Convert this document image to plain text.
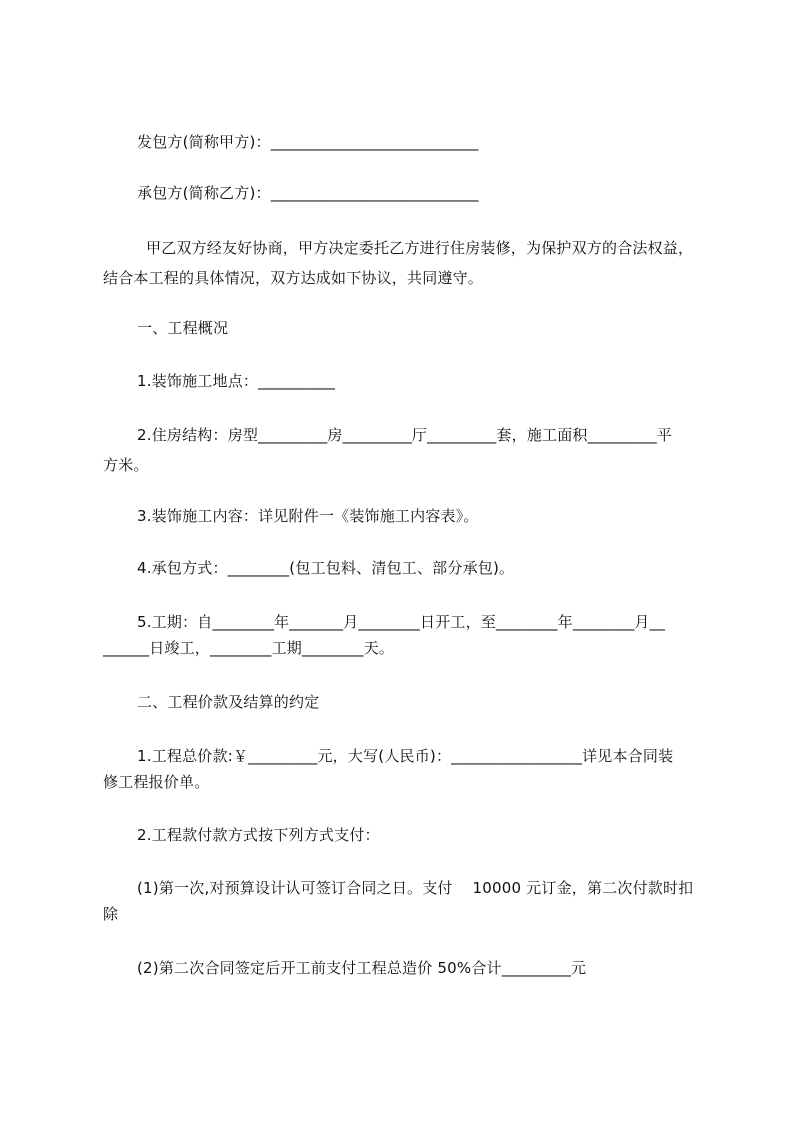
发包方(简称甲方)：___________________________
承包方(简称乙方)：___________________________
甲乙双方经友好协商，甲方决定委托乙方进行住房装修，为保护双方的合法权益，
结合本工程的具体情况，双方达成如下协议，共同遵守。
一、工程概况
1.装饰施工地点：__________
2.住房结构：房型_________房_________厅_________套，施工面积_________平
方米。
3.装饰施工内容：详见附件一《装饰施工内容表》。
4.承包方式：________(包工包料、清包工、部分承包)。
5.工期：自________年_______月________日开工，至________年________月__
______日竣工，________工期________天。
二、工程价款及结算的约定
1.工程总价款:￥_________元，大写(人民币)：_________________详见本合同装
修工程报价单。
2.工程款付款方式按下列方式支付：
(1)第一次,对预算设计认可签订合同之日。支付    10000 元订金，第二次付款时扣
除
(2)第二次合同签定后开工前支付工程总造价 50%合计_________元
